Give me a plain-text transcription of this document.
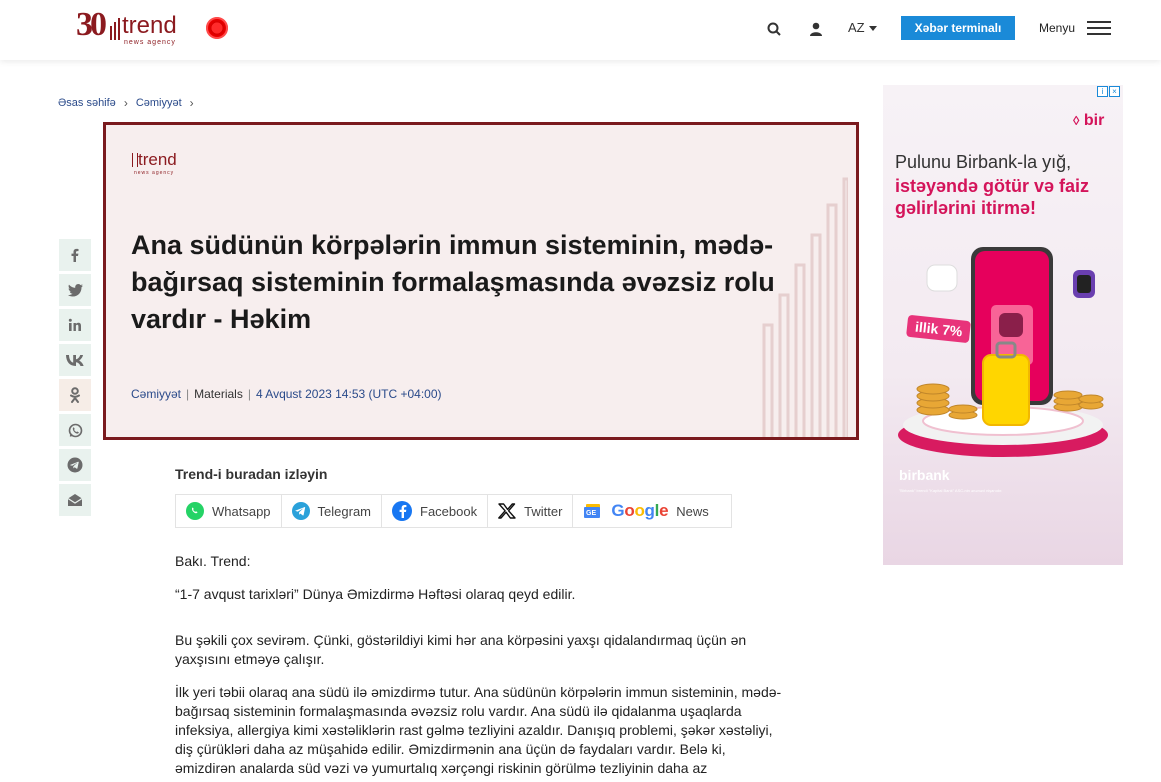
30 trend
news agency
AZ	Xəbər terminalı	Menyu
Əsas səhifə › Cəmiyyət ›
trend
news agency
Ana südünün körpələrin immun sisteminin, mədə-bağırsaq sisteminin formalaşmasında əvəzsiz rolu vardır - Həkim
Cəmiyyət | Materials | 4 Avqust 2023 14:53 (UTC +04:00)
Trend-i buradan izləyin
Whatsapp	Telegram	Facebook	Twitter	GE Google News

Bakı. Trend:

“1-7 avqust tarixləri” Dünya Əmizdirmə Həftəsi olaraq qeyd edilir.

Bu şəkili çox sevirəm. Çünki, göstərildiyi kimi hər ana körpəsini yaxşı qidalandırmaq üçün ən yaxşısını etməyə çalışır.

İlk yeri təbii olaraq ana südü ilə əmizdirmə tutur. Ana südünün körpələrin immun sisteminin, mədə-bağırsaq sisteminin formalaşmasında əvəzsiz rolu vardır. Ana südü ilə qidalanma uşaqlarda infeksiya, allergiya kimi xəstəliklərin rast gəlmə tezliyini azaldır. Danışıq problemi, şəkər xəstəliyi, diş çürükləri daha az müşahidə edilir. Əmizdirmənin ana üçün də faydaları vardır. Belə ki, əmizdirən analarda süd vəzi və yumurtalıq xərçəngi riskinin görülmə tezliyinin daha az

i	×
◊ bir
Pulunu Birbank-la yığ,
istəyəndə götür və faiz gəlirlərini itirmə!
illik 7%
birbank
"Birbank" brendi "Kapital Bank" ASC-nin ənənəvi nişanıdır.
